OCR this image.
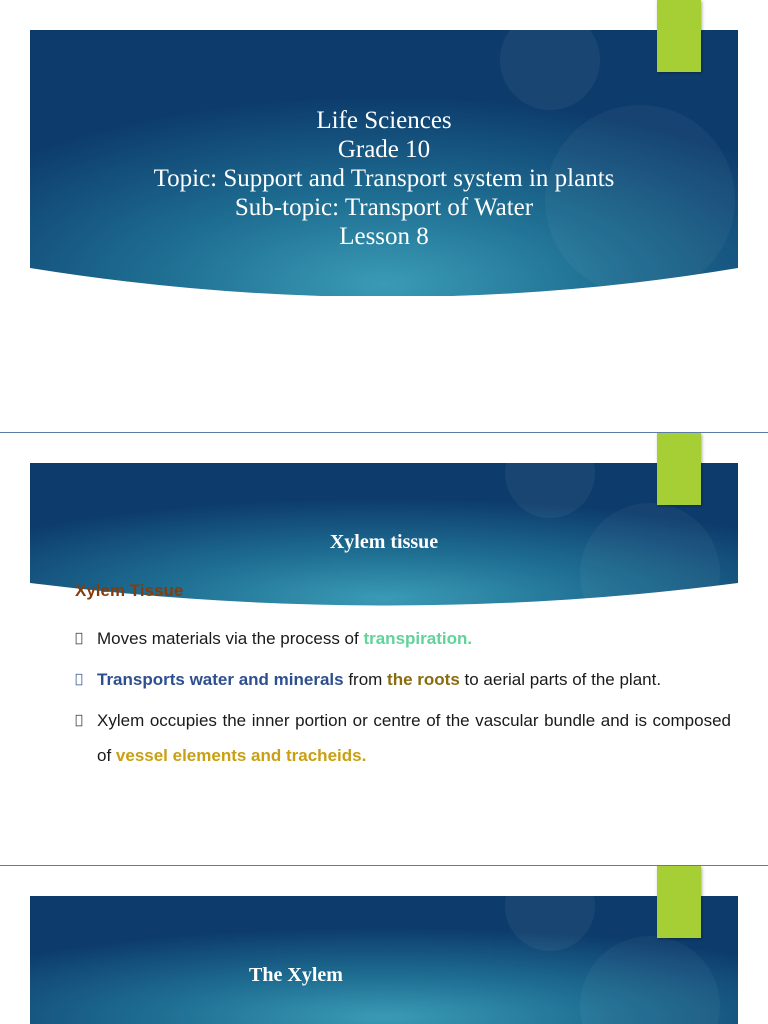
Life Sciences
Grade 10
Topic: Support and Transport system in plants
Sub-topic: Transport of Water
Lesson 8
Xylem tissue
Xylem Tissue
Moves materials via the process of transpiration.
Transports water and minerals from the roots to aerial parts of the plant.
Xylem occupies the inner portion or centre of the vascular bundle and is composed of vessel elements and tracheids.
The Xylem
